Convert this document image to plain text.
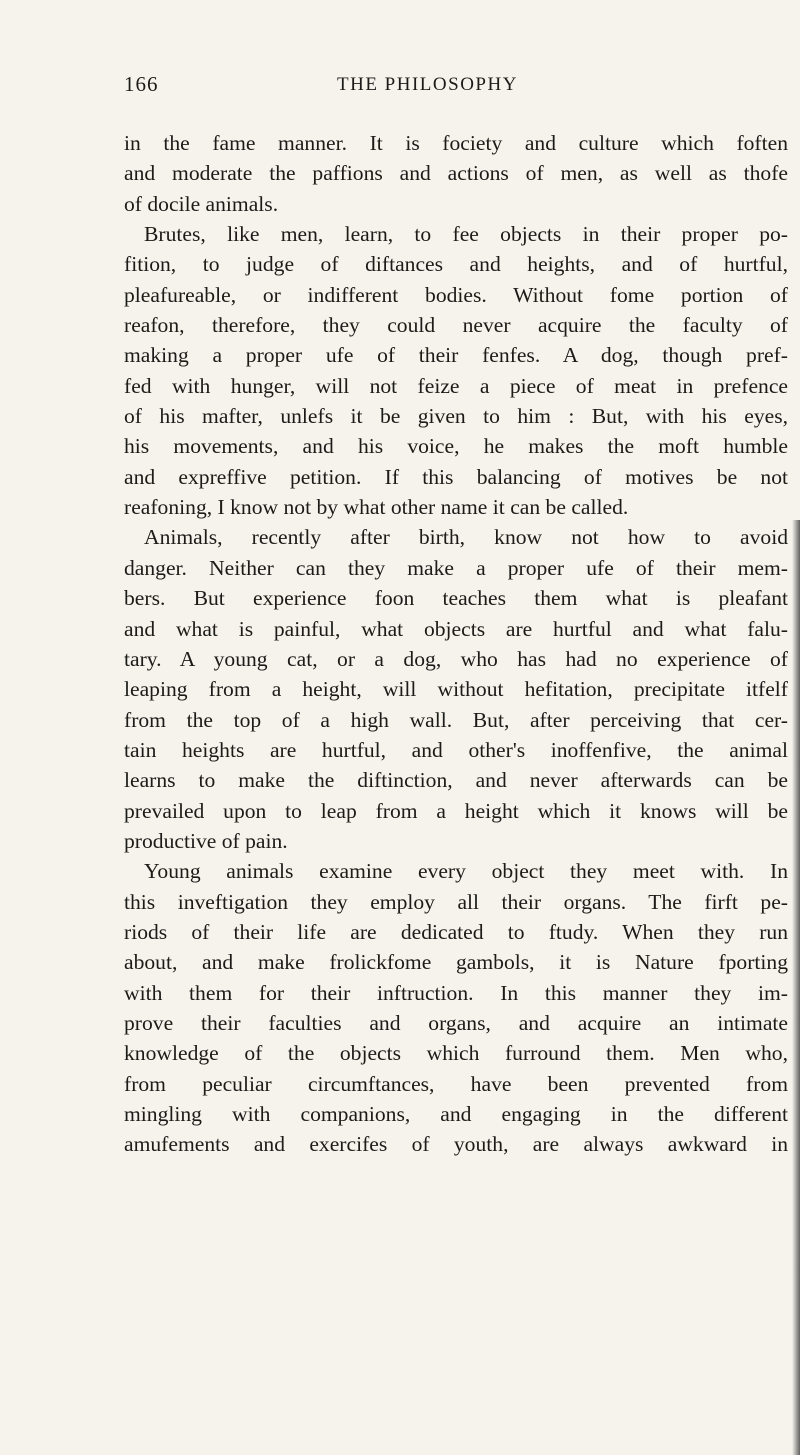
166	THE PHILOSOPHY
in the fame manner. It is fociety and culture which foften
and moderate the paffions and actions of men, as well as thofe
of docile animals.
Brutes, like men, learn, to fee objects in their proper po-
fition, to judge of diftances and heights, and of hurtful,
pleafureable, or indifferent bodies. Without fome portion of
reafon, therefore, they could never acquire the faculty of
making a proper ufe of their fenfes. A dog, though pref-
fed with hunger, will not feize a piece of meat in prefence
of his mafter, unlefs it be given to him : But, with his eyes,
his movements, and his voice, he makes the moft humble
and expreffive petition. If this balancing of motives be not
reafoning, I know not by what other name it can be called.
Animals, recently after birth, know not how to avoid
danger. Neither can they make a proper ufe of their mem-
bers. But experience foon teaches them what is pleafant
and what is painful, what objects are hurtful and what falu-
tary. A young cat, or a dog, who has had no experience of
leaping from a height, will without hefitation, precipitate itfelf
from the top of a high wall. But, after perceiving that cer-
tain heights are hurtful, and other's inoffenfive, the animal
learns to make the diftinction, and never afterwards can be
prevailed upon to leap from a height which it knows will be
productive of pain.
Young animals examine every object they meet with. In
this inveftigation they employ all their organs. The firft pe-
riods of their life are dedicated to ftudy. When they run
about, and make frolickfome gambols, it is Nature fporting
with them for their inftruction. In this manner they im-
prove their faculties and organs, and acquire an intimate
knowledge of the objects which furround them. Men who,
from peculiar circumftances, have been prevented from
mingling with companions, and engaging in the different
amufements and exercifes of youth, are always awkward in
